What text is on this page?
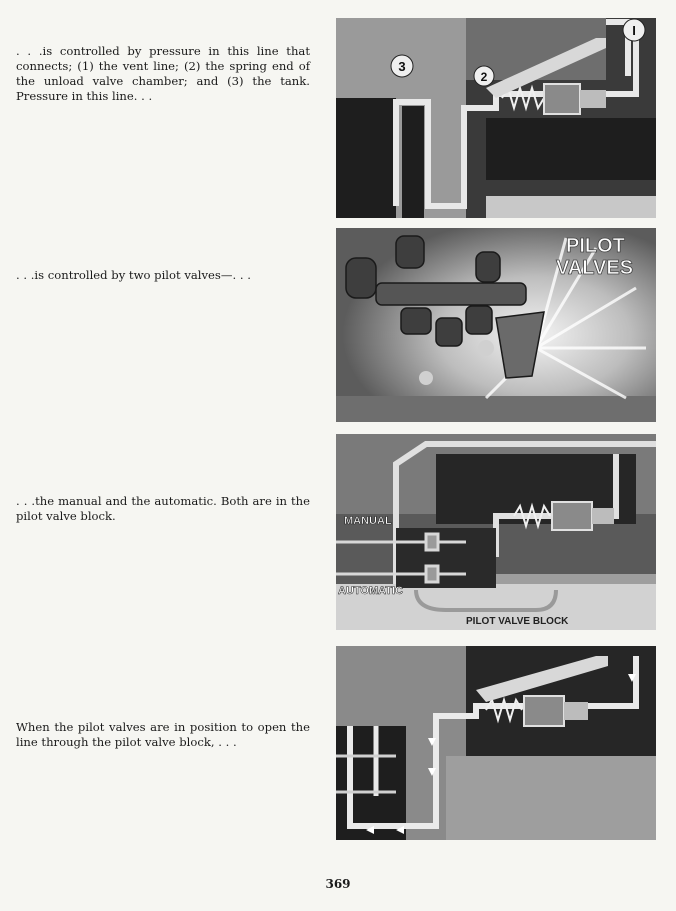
. . .is controlled by pressure in this line that connects; (1) the vent line; (2) the spring end of the unload valve chamber; and (3) the tank. Pressure in this line. . .

. . .is controlled by two pilot valves—. . .

. . .the manual and the automatic. Both are in the pilot valve block.

When the pilot valves are in position to open the line through the pilot valve block, . . .

3
2
I
PILOT
VALVES
MANUAL
AUTOMATIC
PILOT VALVE BLOCK
369
